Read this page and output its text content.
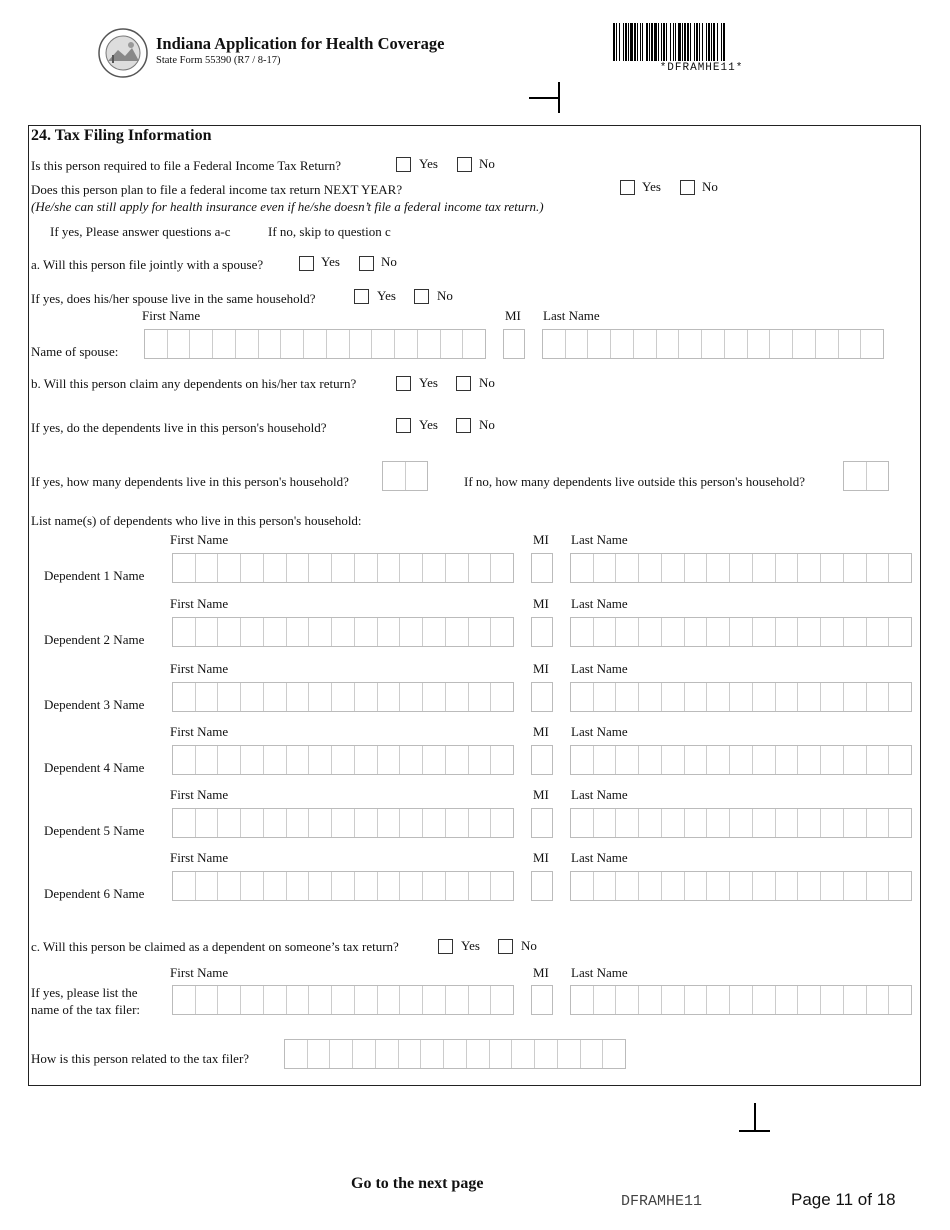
Indiana Application for Health Coverage
State Form 55390 (R7 / 8-17)
*DFRAMHE11*
24. Tax Filing Information
Is this person required to file a Federal Income Tax Return?	Yes	No
Does this person plan to file a federal income tax return NEXT YEAR?
(He/she can still apply for health insurance even if he/she doesn’t file a federal income tax return.)
Yes	No
If yes, Please answer questions a-c	If no, skip to question c
a. Will this person file jointly with a spouse?	Yes	No
If yes, does his/her spouse live in the same household?	Yes	No
First Name	MI Last Name
Name of spouse:
b. Will this person claim any dependents on his/her tax return?	Yes	No
If yes, do the dependents live in this person's household?	Yes	No
If yes, how many dependents live in this person's household?	If no, how many dependents live outside this person's household?
List name(s) of dependents who live in this person's household:
First Name	MI Last Name
Dependent 1 Name
First Name	MI Last Name
Dependent 2 Name
First Name	MI Last Name
Dependent 3 Name
First Name	MI Last Name
Dependent 4 Name
First Name	MI Last Name
Dependent 5 Name
First Name	MI Last Name
Dependent 6 Name
c. Will this person be claimed as a dependent on someone’s tax return?	Yes	No
First Name	MI Last Name
If yes, please list the
name of the tax filer:
How is this person related to the tax filer?
Go to the next page
DFRAMHE11	Page 11 of 18
